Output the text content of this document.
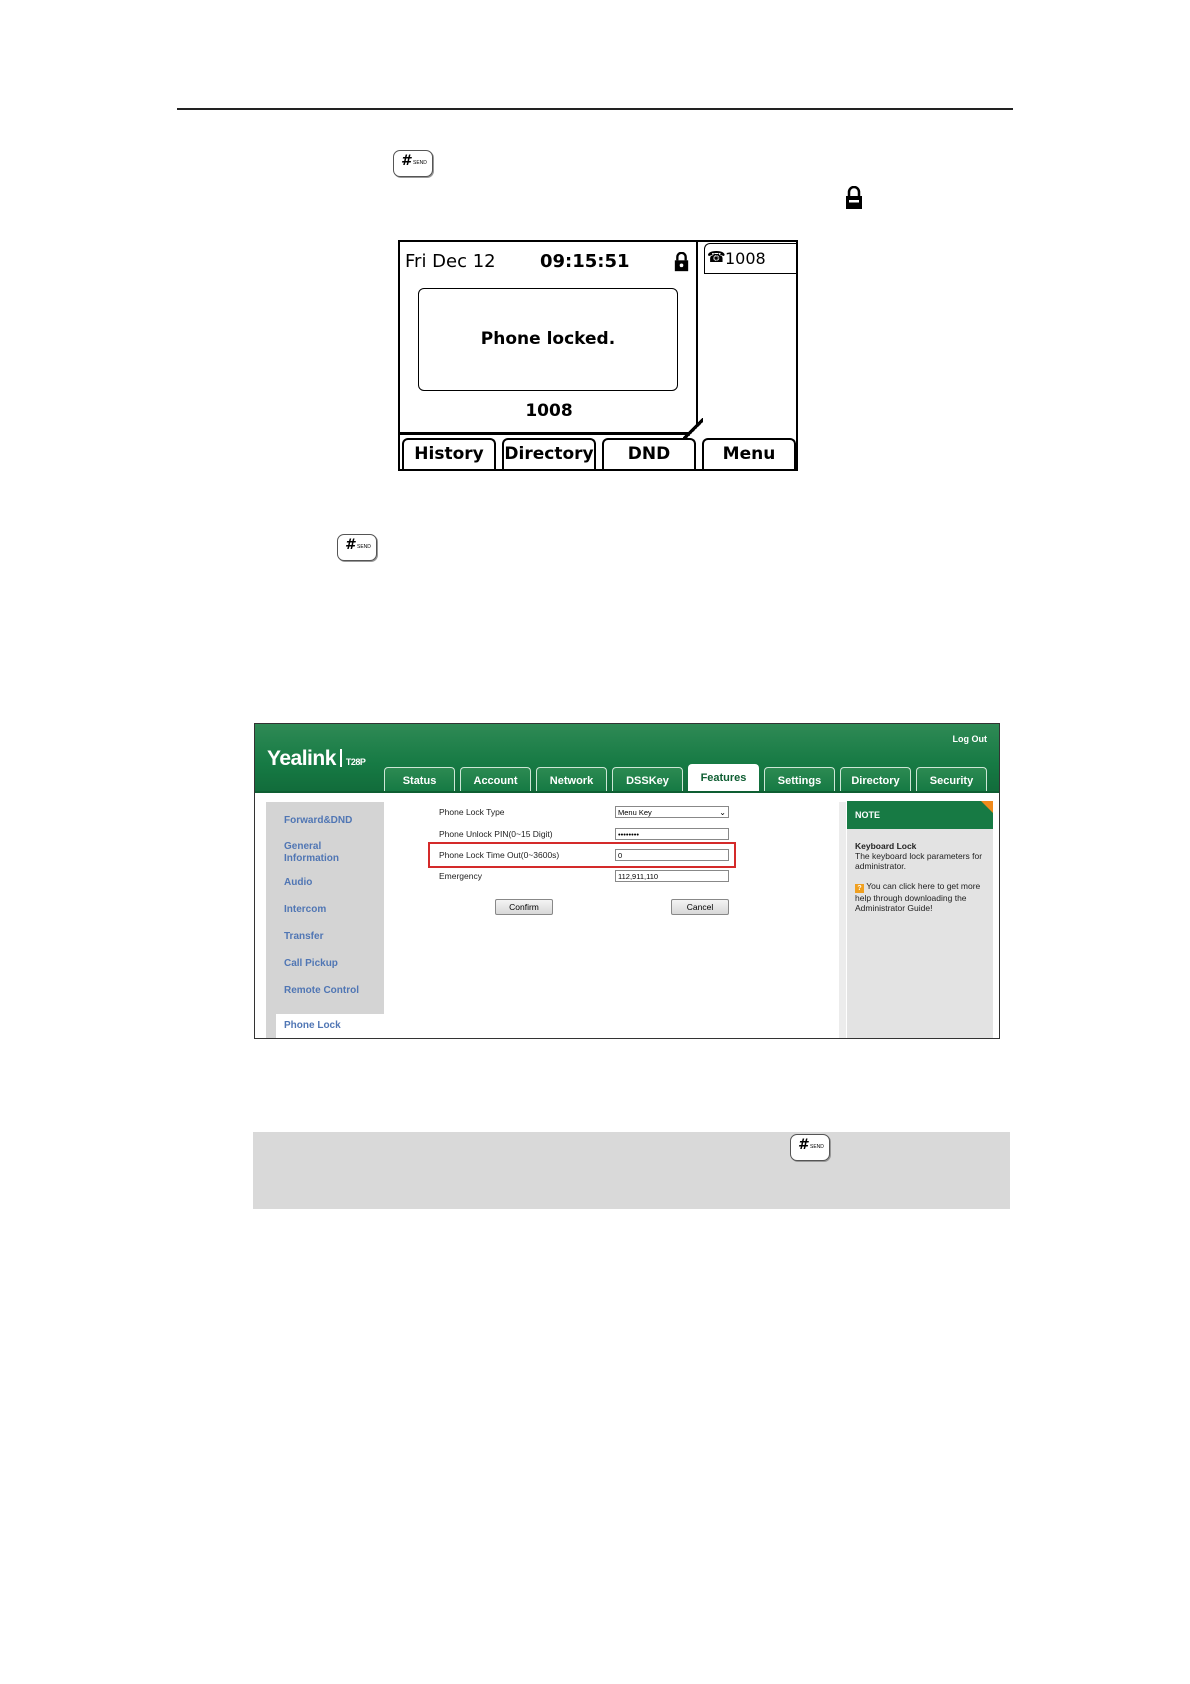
# SEND
Fri Dec 12 09:15:51
Phone locked.
1008
☎ 1008
History	Directory	DND	Menu
# SEND
Yealink T28P
Log Out
Status	Account	Network	DSSKey	Features	Settings	Directory	Security
Forward&DND
General Information
Audio
Intercom
Transfer
Call Pickup
Remote Control
Phone Lock
Phone Lock Type	Menu Key	⌄
Phone Unlock PIN(0~15 Digit)	••••••••
Phone Lock Time Out(0~3600s)	0
Emergency	112,911,110
Confirm	Cancel
NOTE
Keyboard Lock
The keyboard lock parameters for administrator.

? You can click here to get more help through downloading the Administrator Guide!
# SEND
